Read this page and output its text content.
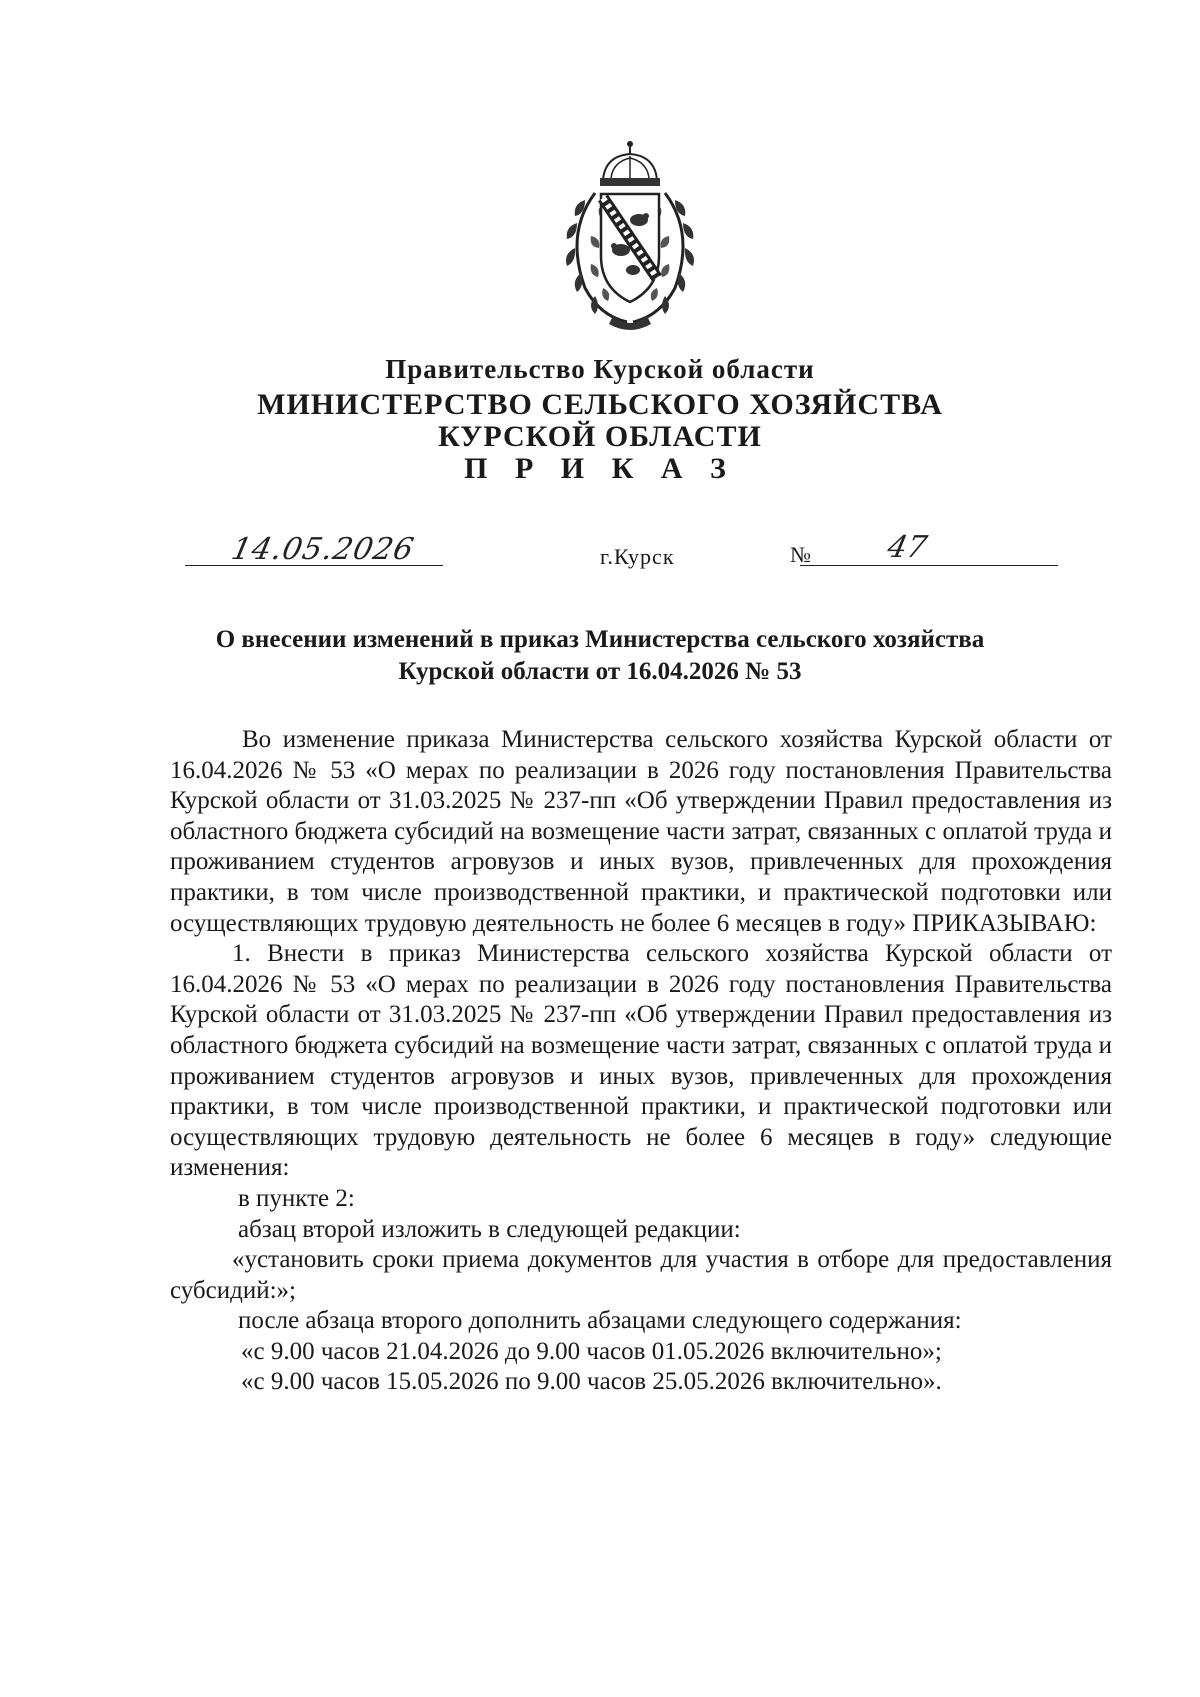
Правительство Курской области
МИНИСТЕРСТВО СЕЛЬСКОГО ХОЗЯЙСТВА
КУРСКОЙ ОБЛАСТИ
П Р И К А З
14.05.2026	г.Курск	№ 47
О внесении изменений в приказ Министерства сельского хозяйства
Курской области от 16.04.2026 № 53

Во изменение приказа Министерства сельского хозяйства Курской области от 16.04.2026 № 53 «О мерах по реализации в 2026 году постановления Правительства Курской области от 31.03.2025 № 237-пп «Об утверждении Правил предоставления из областного бюджета субсидий на возмещение части затрат, связанных с оплатой труда и проживанием студентов агровузов и иных вузов, привлеченных для прохождения практики, в том числе производственной практики, и практической подготовки или осуществляющих трудовую деятельность не более 6 месяцев в году» ПРИКАЗЫВАЮ:

1. Внести в приказ Министерства сельского хозяйства Курской области от 16.04.2026 № 53 «О мерах по реализации в 2026 году постановления Правительства Курской области от 31.03.2025 № 237-пп «Об утверждении Правил предоставления из областного бюджета субсидий на возмещение части затрат, связанных с оплатой труда и проживанием студентов агровузов и иных вузов, привлеченных для прохождения практики, в том числе производственной практики, и практической подготовки или осуществляющих трудовую деятельность не более 6 месяцев в году» следующие изменения:

в пункте 2:

абзац второй изложить в следующей редакции:

«установить сроки приема документов для участия в отборе для предоставления субсидий:»;

после абзаца второго дополнить абзацами следующего содержания:

«с 9.00 часов 21.04.2026 до 9.00 часов 01.05.2026 включительно»;

«с 9.00 часов 15.05.2026 по 9.00 часов 25.05.2026 включительно».
